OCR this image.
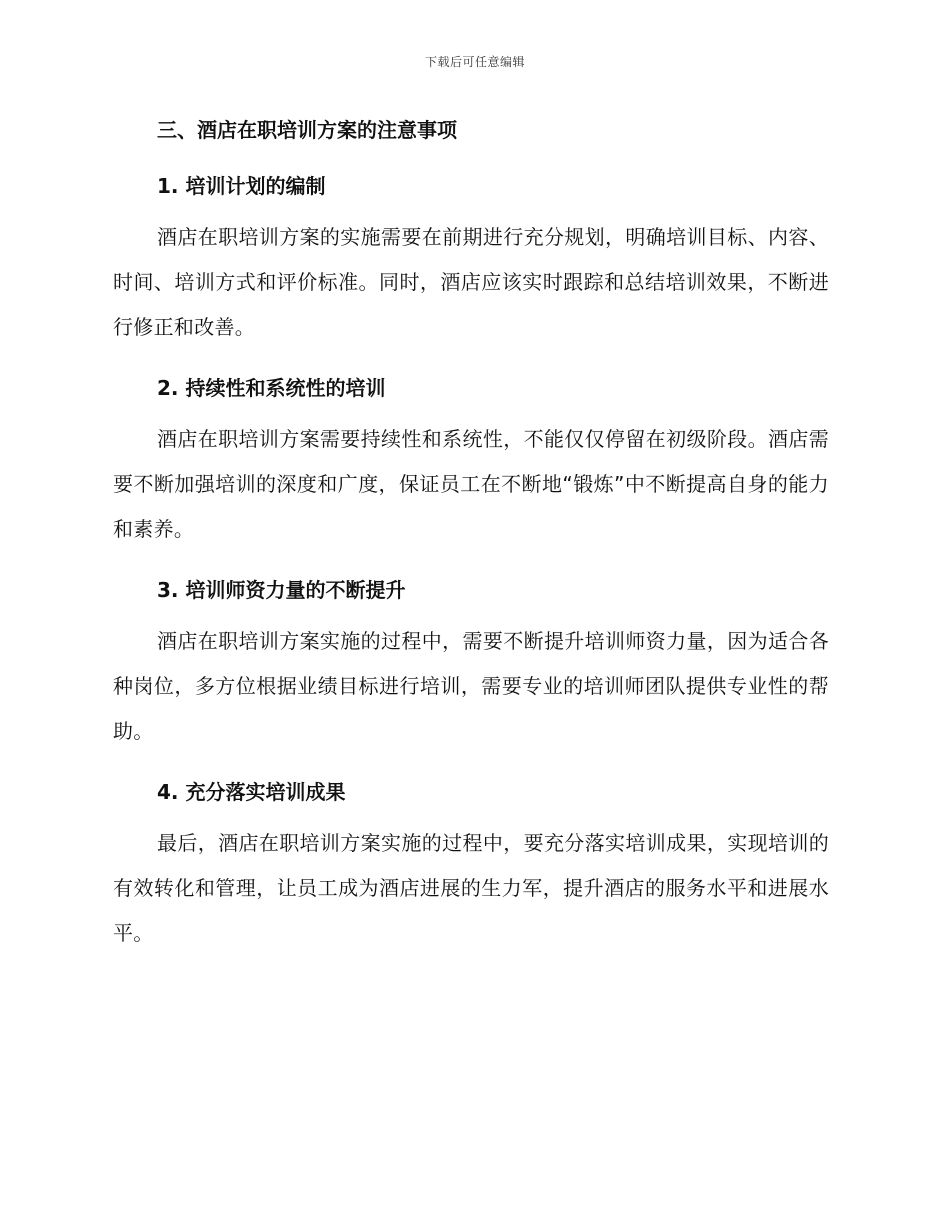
下载后可任意编辑
三、酒店在职培训方案的注意事项
1. 培训计划的编制
酒店在职培训方案的实施需要在前期进行充分规划，明确培训目标、内容、时间、培训方式和评价标准。同时，酒店应该实时跟踪和总结培训效果，不断进行修正和改善。
2. 持续性和系统性的培训
酒店在职培训方案需要持续性和系统性，不能仅仅停留在初级阶段。酒店需要不断加强培训的深度和广度，保证员工在不断地“锻炼”中不断提高自身的能力和素养。
3. 培训师资力量的不断提升
酒店在职培训方案实施的过程中，需要不断提升培训师资力量，因为适合各种岗位，多方位根据业绩目标进行培训，需要专业的培训师团队提供专业性的帮助。
4. 充分落实培训成果
最后，酒店在职培训方案实施的过程中，要充分落实培训成果，实现培训的有效转化和管理，让员工成为酒店进展的生力军，提升酒店的服务水平和进展水平。
